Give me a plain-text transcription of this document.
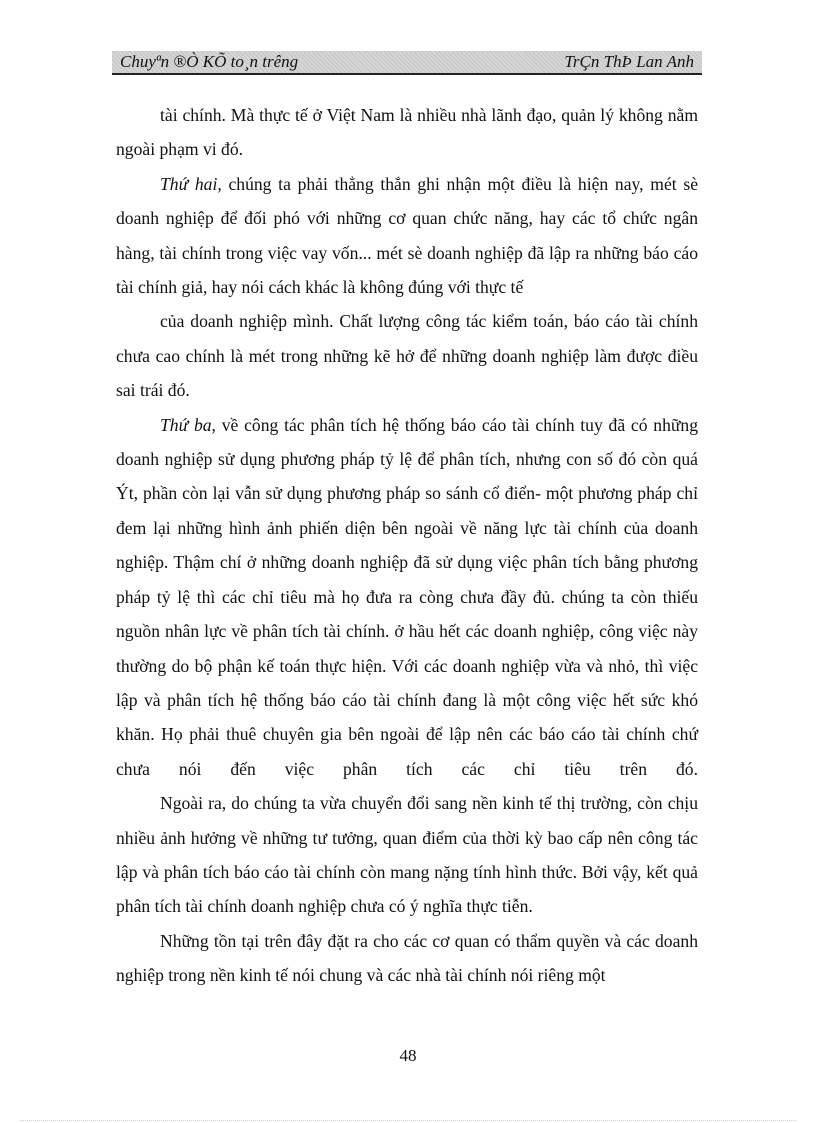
Chuyªn ®Ò KÕ to¸n trêng	TrÇn ThÞ Lan Anh

tài chính. Mà thực tế ở Việt Nam là nhiều nhà lãnh đạo, quản lý không nằm ngoài phạm vi đó.

Thứ hai, chúng ta phải thẳng thắn ghi nhận một điều là hiện nay, mét sè doanh nghiệp để đối phó với những cơ quan chức năng, hay các tổ chức ngân hàng, tài chính trong việc vay vốn... mét sè doanh nghiệp đã lập ra những báo cáo tài chính giả, hay nói cách khác là không đúng với thực tế

của doanh nghiệp mình. Chất lượng công tác kiểm toán, báo cáo tài chính chưa cao chính là mét trong những kẽ hở để những doanh nghiệp làm được điều sai trái đó.

Thứ ba, về công tác phân tích hệ thống báo cáo tài chính tuy đã có những doanh nghiệp sử dụng phương pháp tỷ lệ để phân tích, nhưng con số đó còn quá Ýt, phần còn lại vẫn sử dụng phương pháp so sánh cổ điển- một phương pháp chỉ đem lại những hình ảnh phiến diện bên ngoài về năng lực tài chính của doanh nghiệp. Thậm chí ở những doanh nghiệp đã sử dụng việc phân tích bằng phương pháp tỷ lệ thì các chỉ tiêu mà họ đưa ra còng chưa đầy đủ. chúng ta còn thiếu nguồn nhân lực về phân tích tài chính. ở hầu hết các doanh nghiệp, công việc này thường do bộ phận kế toán thực hiện. Với các doanh nghiệp vừa và nhỏ, thì việc lập và phân tích hệ thống báo cáo tài chính đang là một công việc hết sức khó khăn. Họ phải thuê chuyên gia bên ngoài để lập nên các báo cáo tài chính chứ chưa nói đến việc phân tích các chỉ tiêu trên đó.

Ngoài ra, do chúng ta vừa chuyển đổi sang nền kinh tế thị trường, còn chịu nhiều ảnh hưởng về những tư tưởng, quan điểm của thời kỳ bao cấp nên công tác lập và phân tích báo cáo tài chính còn mang nặng tính hình thức. Bởi vậy, kết quả phân tích tài chính doanh nghiệp chưa có ý nghĩa thực tiễn.

Những tồn tại trên đây đặt ra cho các cơ quan có thẩm quyền và các doanh nghiệp trong nền kinh tế nói chung và các nhà tài chính nói riêng một

48
